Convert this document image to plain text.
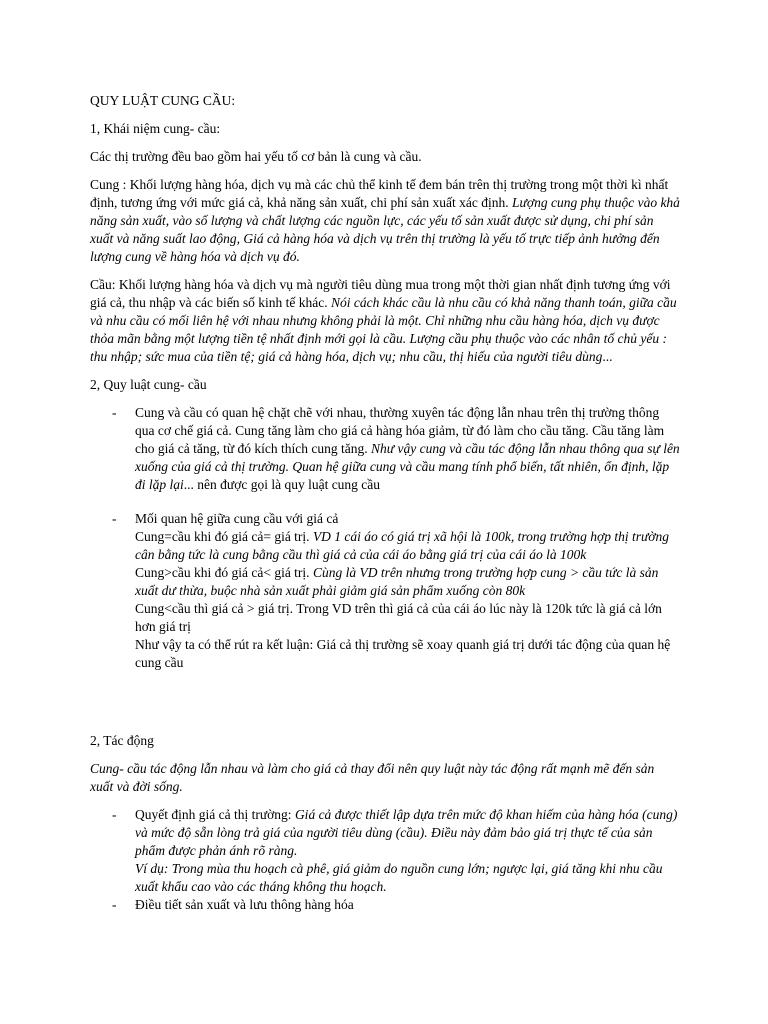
QUY LUẬT CUNG CẦU:

1, Khái niệm cung- cầu:

Các thị trường đều bao gồm hai yếu tố cơ bản là cung và cầu.

Cung : Khối lượng hàng hóa, dịch vụ mà các chủ thể kinh tế đem bán trên thị trường trong một thời kì nhất định, tương ứng với mức giá cả, khả năng sản xuất, chi phí sản xuất xác định. Lượng cung phụ thuộc vào khả năng sản xuất, vào số lượng và chất lượng các nguồn lực, các yếu tố sản xuất được sử dụng, chi phí sản xuất và năng suất lao động, Giá cả hàng hóa và dịch vụ trên thị trường là yếu tố trực tiếp ảnh hưởng đến lượng cung về hàng hóa và dịch vụ đó.

Cầu: Khối lượng hàng hóa và dịch vụ mà người tiêu dùng mua trong một thời gian nhất định tương ứng với giá cả, thu nhập và các biến số kinh tế khác. Nói cách khác cầu là nhu cầu có khả năng thanh toán, giữa cầu và nhu cầu có mối liên hệ với nhau nhưng không phải là một. Chỉ những nhu cầu hàng hóa, dịch vụ được thỏa mãn bằng một lượng tiền tệ nhất định mới gọi là cầu. Lượng cầu phụ thuộc vào các nhân tố chủ yếu : thu nhập; sức mua của tiền tệ; giá cả hàng hóa, dịch vụ; nhu cầu, thị hiếu của người tiêu dùng...

2, Quy luật cung- cầu

- Cung và cầu có quan hệ chặt chẽ với nhau, thường xuyên tác động lẫn nhau trên thị trường thông qua cơ chế giá cả. Cung tăng làm cho giá cả hàng hóa giảm, từ đó làm cho cầu tăng. Cầu tăng làm cho giá cả tăng, từ đó kích thích cung tăng. Như vậy cung và cầu tác động lẫn nhau thông qua sự lên xuống của giá cả thị trường. Quan hệ giữa cung và cầu mang tính phổ biến, tất nhiên, ổn định, lặp đi lặp lại... nên được gọi là quy luật cung cầu
- Mối quan hệ giữa cung cầu với giá cả
Cung=cầu khi đó giá cả= giá trị. VD 1 cái áo có giá trị xã hội là 100k, trong trường hợp thị trường cân bằng tức là cung bằng cầu thì giá cả của cái áo bằng giá trị của cái áo là 100k
Cung>cầu khi đó giá cả< giá trị. Cùng là VD trên nhưng trong trường hợp cung > cầu tức là sản xuất dư thừa, buộc nhà sản xuất phải giảm giá sản phẩm xuống còn 80k
Cung<cầu thì giá cả > giá trị. Trong VD trên thì giá cả của cái áo lúc này là 120k tức là giá cả lớn hơn giá trị
Như vậy ta có thể rút ra kết luận: Giá cả thị trường sẽ xoay quanh giá trị dưới tác động của quan hệ cung cầu

2, Tác động

Cung- cầu tác động lẫn nhau và làm cho giá cả thay đổi nên quy luật này tác động rất mạnh mẽ đến sản xuất và đời sống.

- Quyết định giá cả thị trường: Giá cả được thiết lập dựa trên mức độ khan hiếm của hàng hóa (cung) và mức độ sẵn lòng trả giá của người tiêu dùng (cầu). Điều này đảm bảo giá trị thực tế của sản phẩm được phản ánh rõ ràng.
Ví dụ: Trong mùa thu hoạch cà phê, giá giảm do nguồn cung lớn; ngược lại, giá tăng khi nhu cầu xuất khẩu cao vào các tháng không thu hoạch.
- Điều tiết sản xuất và lưu thông hàng hóa
